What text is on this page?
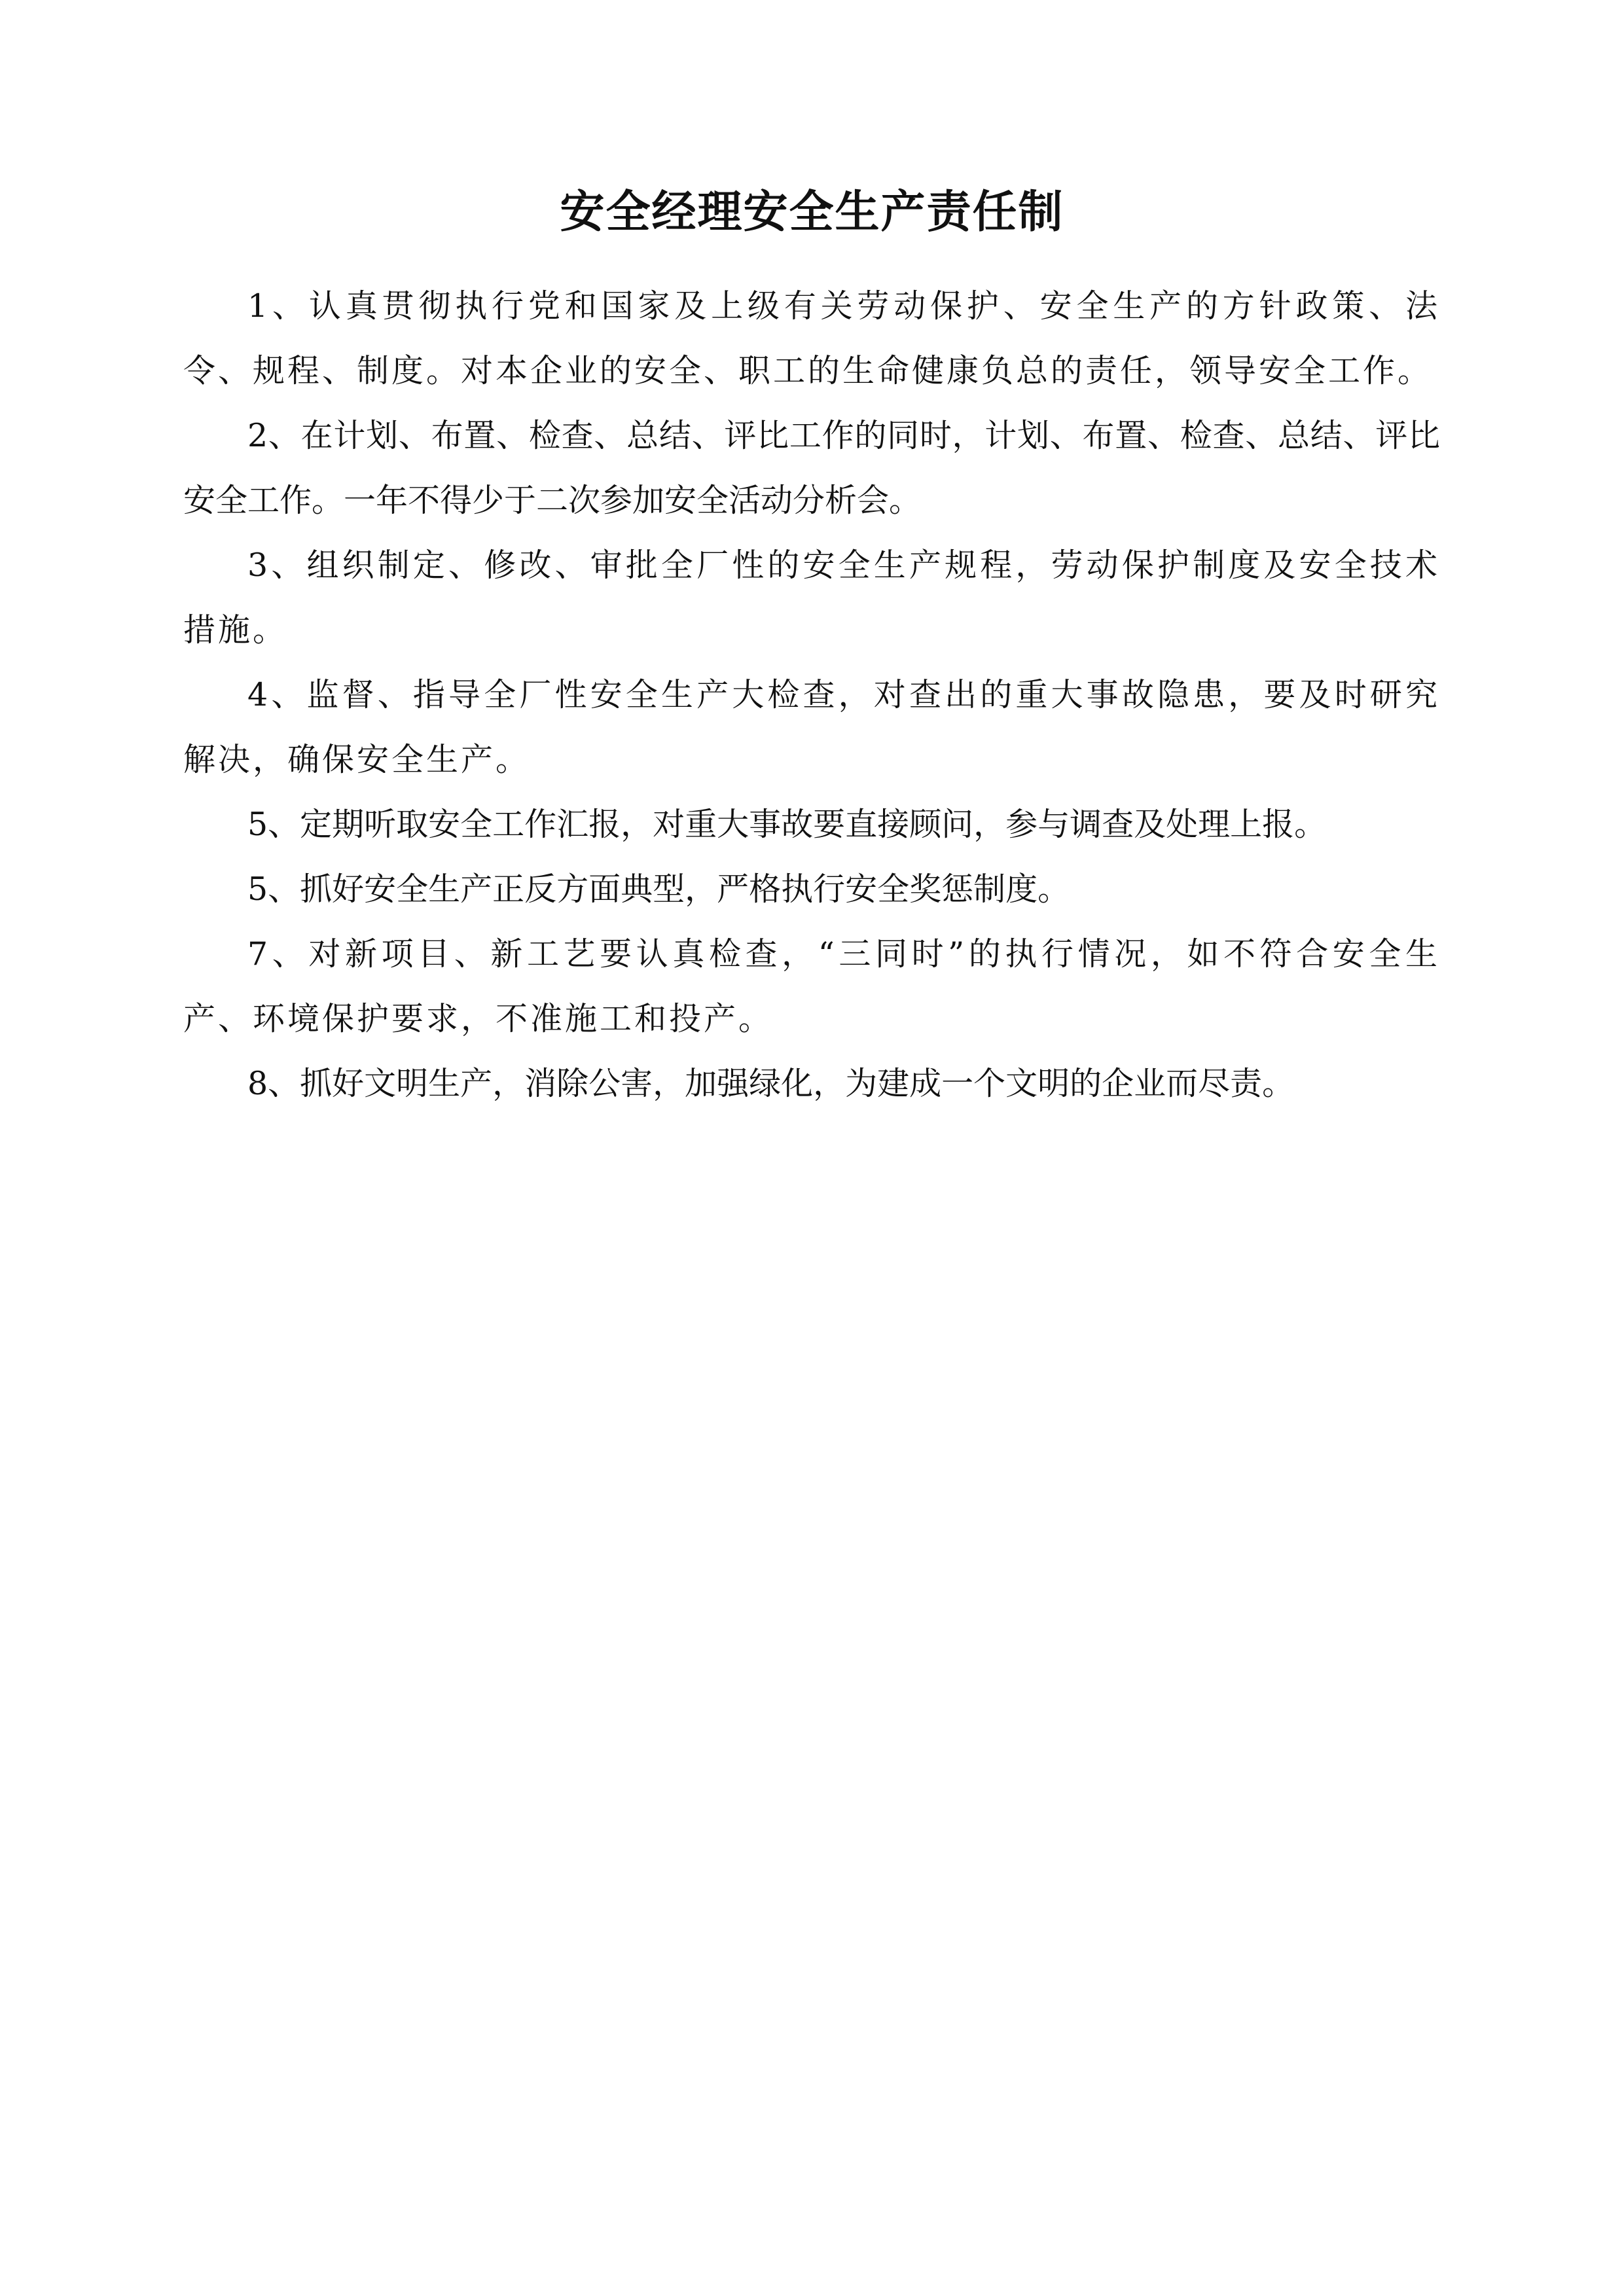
安全经理安全生产责任制

1、认真贯彻执行党和国家及上级有关劳动保护、安全生产的方针政策、法令、规程、制度。对本企业的安全、职工的生命健康负总的责任，领导安全工作。

2、在计划、布置、检查、总结、评比工作的同时，计划、布置、检查、总结、评比安全工作。一年不得少于二次参加安全活动分析会。

3、组织制定、修改、审批全厂性的安全生产规程，劳动保护制度及安全技术措施。

4、监督、指导全厂性安全生产大检查，对查出的重大事故隐患，要及时研究解决，确保安全生产。

5、定期听取安全工作汇报，对重大事故要直接顾问，参与调查及处理上报。

5、抓好安全生产正反方面典型，严格执行安全奖惩制度。

7、对新项目、新工艺要认真检查，“三同时”的执行情况，如不符合安全生产、环境保护要求，不准施工和投产。

8、抓好文明生产，消除公害，加强绿化，为建成一个文明的企业而尽责。
